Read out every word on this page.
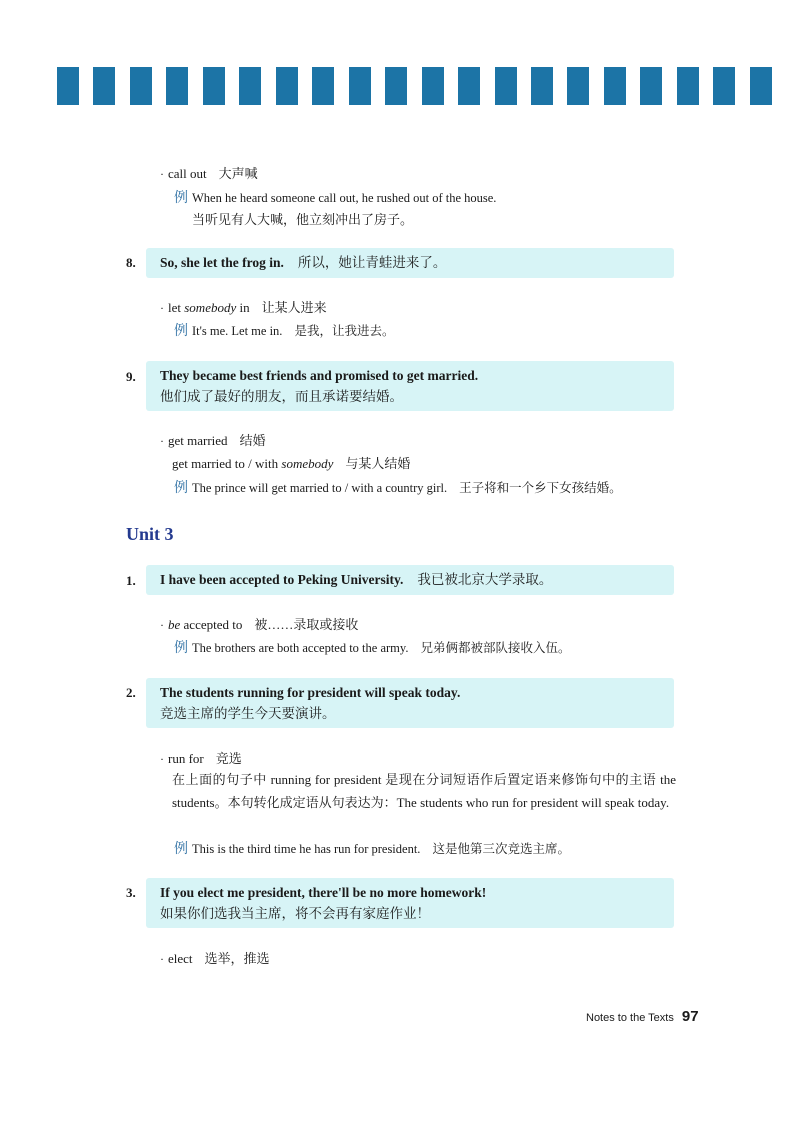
· call out 大声喊
例 When he heard someone call out, he rushed out of the house.
当听见有人大喊，他立刻冲出了房子。
8. So, she let the frog in. 所以，她让青蛙进来了。
· let somebody in 让某人进来
例 It's me. Let me in. 是我，让我进去。
9. They became best friends and promised to get married.
他们成了最好的朋友，而且承诺要结婚。
· get married 结婚
get married to / with somebody 与某人结婚
例 The prince will get married to / with a country girl. 王子将和一个乡下女孩结婚。
Unit 3
1. I have been accepted to Peking University. 我已被北京大学录取。
· be accepted to 被……录取或接收
例 The brothers are both accepted to the army. 兄弟俩都被部队接收入伍。
2. The students running for president will speak today.
竞选主席的学生今天要演讲。
· run for 竞选
在上面的句子中 running for president 是现在分词短语作后置定语来修饰句中的主语 the students。本句转化成定语从句表达为：The students who run for president will speak today.
例 This is the third time he has run for president. 这是他第三次竞选主席。
3. If you elect me president, there'll be no more homework!
如果你们选我当主席，将不会再有家庭作业！
· elect 选举，推选
Notes to the Texts 97
